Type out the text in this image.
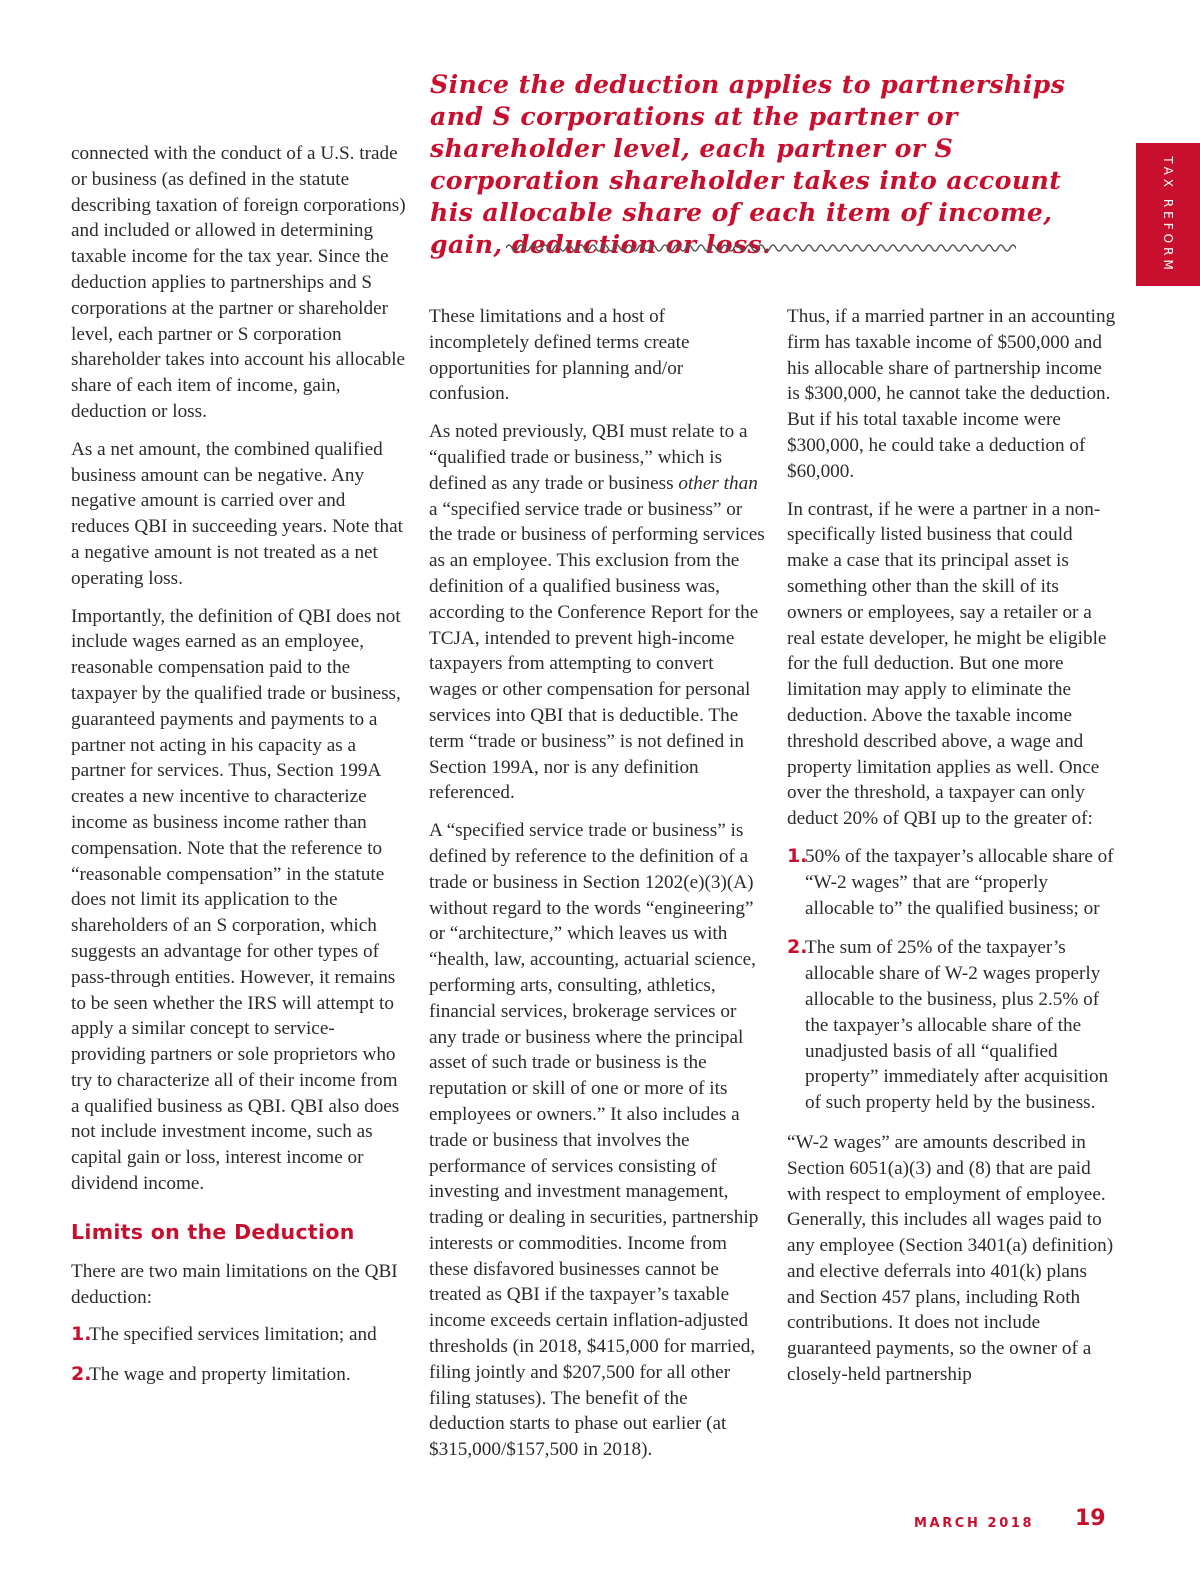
Since the deduction applies to partnerships and S corporations at the partner or shareholder level, each partner or S corporation shareholder takes into account his allocable share of each item of income, gain, deduction or loss.	TAX REFORM

connected with the conduct of a U.S. trade or business (as defined in the statute describing taxation of foreign corporations) and included or allowed in determining taxable income for the tax year. Since the deduction applies to partnerships and S corporations at the partner or shareholder level, each partner or S corporation shareholder takes into account his allocable share of each item of income, gain, deduction or loss.

As a net amount, the combined qualified business amount can be negative. Any negative amount is carried over and reduces QBI in succeeding years. Note that a negative amount is not treated as a net operating loss.

Importantly, the definition of QBI does not include wages earned as an employee, reasonable compensation paid to the taxpayer by the qualified trade or business, guaranteed payments and payments to a partner not acting in his capacity as a partner for services. Thus, Section 199A creates a new incentive to characterize income as business income rather than compensation. Note that the reference to “reasonable compensation” in the statute does not limit its application to the shareholders of an S corporation, which suggests an advantage for other types of pass-through entities. However, it remains to be seen whether the IRS will attempt to apply a similar concept to service-providing partners or sole proprietors who try to characterize all of their income from a qualified business as QBI. QBI also does not include investment income, such as capital gain or loss, interest income or dividend income.

Limits on the Deduction

There are two main limitations on the QBI deduction:

1.
The specified services limitation; and
2.
The wage and property limitation.

These limitations and a host of incompletely defined terms create opportunities for planning and/or confusion.

As noted previously, QBI must relate to a “qualified trade or business,” which is defined as any trade or business other than a “specified service trade or business” or the trade or business of performing services as an employee. This exclusion from the definition of a qualified business was, according to the Conference Report for the TCJA, intended to prevent high-income taxpayers from attempting to convert wages or other compensation for personal services into QBI that is deductible. The term “trade or business” is not defined in Section 199A, nor is any definition referenced.

A “specified service trade or business” is defined by reference to the definition of a trade or business in Section 1202(e)(3)(A) without regard to the words “engineering” or “architecture,” which leaves us with “health, law, accounting, actuarial science, performing arts, consulting, athletics, financial services, brokerage services or any trade or business where the principal asset of such trade or business is the reputation or skill of one or more of its employees or owners.” It also includes a trade or business that involves the performance of services consisting of investing and investment management, trading or dealing in securities, partnership interests or commodities. Income from these disfavored businesses cannot be treated as QBI if the taxpayer’s taxable income exceeds certain inflation-adjusted thresholds (in 2018, $415,000 for married, filing jointly and $207,500 for all other filing statuses). The benefit of the deduction starts to phase out earlier (at $315,000/$157,500 in 2018).

Thus, if a married partner in an accounting firm has taxable income of $500,000 and his allocable share of partnership income is $300,000, he cannot take the deduction. But if his total taxable income were $300,000, he could take a deduction of $60,000.

In contrast, if he were a partner in a non-specifically listed business that could make a case that its principal asset is something other than the skill of its owners or employees, say a retailer or a real estate developer, he might be eligible for the full deduction. But one more limitation may apply to eliminate the deduction. Above the taxable income threshold described above, a wage and property limitation applies as well. Once over the threshold, a taxpayer can only deduct 20% of QBI up to the greater of:

1.
50% of the taxpayer’s allocable share of “W-2 wages” that are “properly allocable to” the qualified business; or
2.
The sum of 25% of the taxpayer’s allocable share of W-2 wages properly allocable to the business, plus 2.5% of the taxpayer’s allocable share of the unadjusted basis of all “qualified property” immediately after acquisition of such property held by the business.

“W-2 wages” are amounts described in Section 6051(a)(3) and (8) that are paid with respect to employment of employee. Generally, this includes all wages paid to any employee (Section 3401(a) definition) and elective deferrals into 401(k) plans and Section 457 plans, including Roth contributions. It does not include guaranteed payments, so the owner of a closely-held partnership

MARCH 2018 19
